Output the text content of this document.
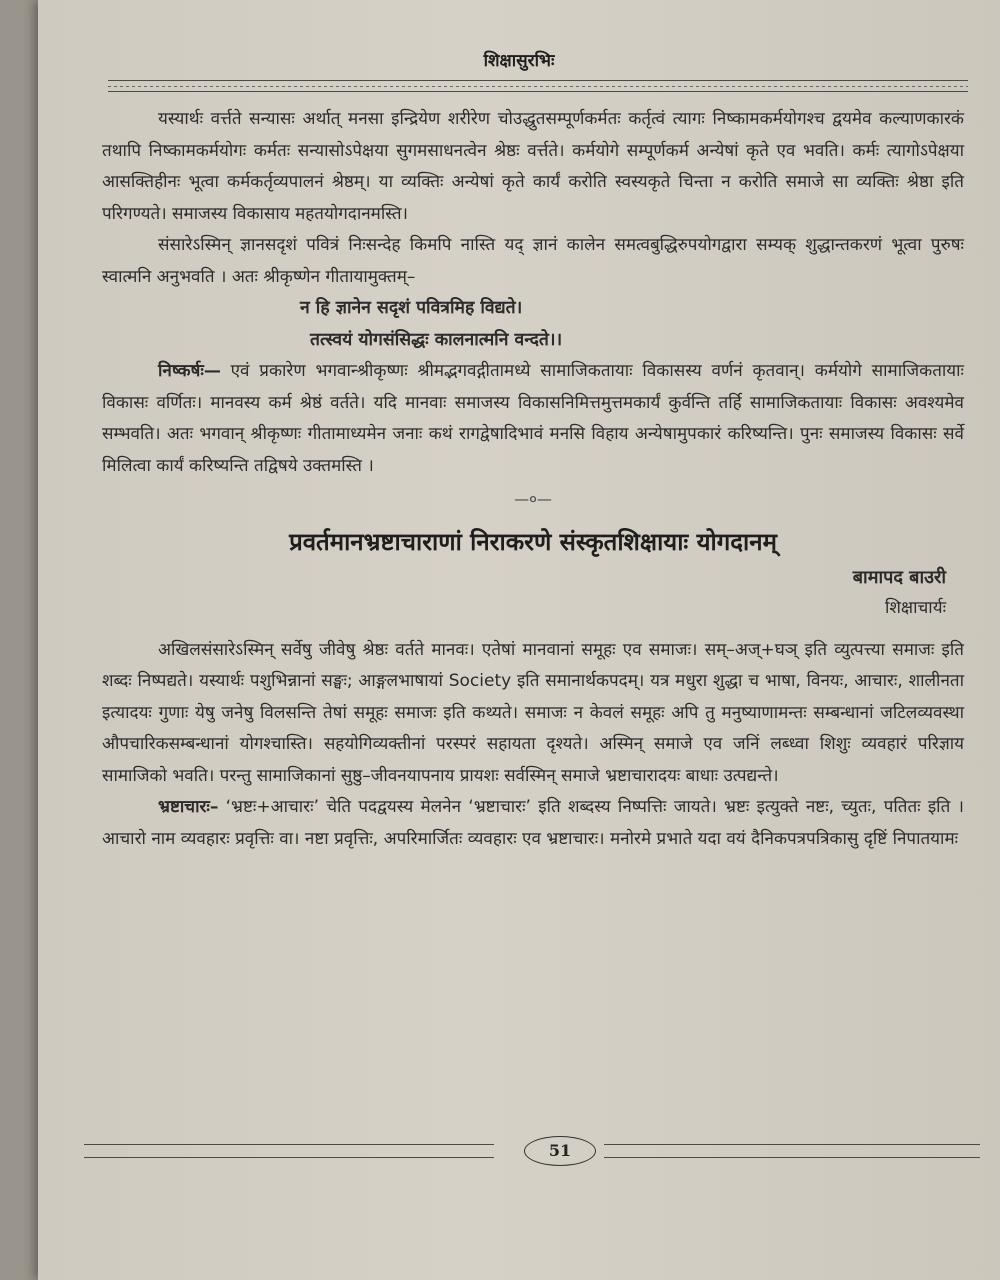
शिक्षासुरभिः

यस्यार्थः वर्त्तते सन्यासः अर्थात् मनसा इन्द्रियेण शरीरेण चोउद्धुतसम्पूर्णकर्मतः कर्तृत्वं त्यागः निष्कामकर्मयोगश्च द्वयमेव कल्याणकारकं तथापि निष्कामकर्मयोगः कर्मतः सन्यासोऽपेक्षया सुगमसाधनत्वेन श्रेष्ठः वर्त्तते। कर्मयोगे सम्पूर्णकर्म अन्येषां कृते एव भवति। कर्मः त्यागोऽपेक्षया आसक्तिहीनः भूत्वा कर्मकर्तृव्यपालनं श्रेष्ठम्। या व्यक्तिः अन्येषां कृते कार्यं करोति स्वस्यकृते चिन्ता न करोति समाजे सा व्यक्तिः श्रेष्ठा इति परिगण्यते। समाजस्य विकासाय महतयोगदानमस्ति।

संसारेऽस्मिन् ज्ञानसदृशं पवित्रं निःसन्देह किमपि नास्ति यद् ज्ञानं कालेन समत्वबुद्धिरुपयोगद्वारा सम्यक् शुद्धान्तकरणं भूत्वा पुरुषः स्वात्मनि अनुभवति । अतः श्रीकृष्णेन गीतायामुक्तम्–

न हि ज्ञानेन सदृशं पवित्रमिह विद्यते।

तत्स्वयं योगसंसिद्धः कालनात्मनि वन्दते।।

निष्कर्षः— एवं प्रकारेण भगवान्श्रीकृष्णः श्रीमद्भगवद्गीतामध्ये सामाजिकतायाः विकासस्य वर्णनं कृतवान्। कर्मयोगे सामाजिकतायाः विकासः वर्णितः। मानवस्य कर्म श्रेष्ठं वर्तते। यदि मानवाः समाजस्य विकासनिमित्तमुत्तमकार्यं कुर्वन्ति तर्हि सामाजिकतायाः विकासः अवश्यमेव सम्भवति। अतः भगवान् श्रीकृष्णः गीतामाध्यमेन जनाः कथं रागद्वेषादिभावं मनसि विहाय अन्येषामुपकारं करिष्यन्ति। पुनः समाजस्य विकासः सर्वे मिलित्वा कार्यं करिष्यन्ति तद्विषये उक्तमस्ति ।

—०—
प्रवर्तमानभ्रष्टाचाराणां निराकरणे संस्कृतशिक्षायाः योगदानम्
बामापद बाउरी
शिक्षाचार्यः

अखिलसंसारेऽस्मिन् सर्वेषु जीवेषु श्रेष्ठः वर्तते मानवः। एतेषां मानवानां समूहः एव समाजः। सम्–अज्+घञ् इति व्युत्पत्त्या समाजः इति शब्दः निष्पद्यते। यस्यार्थः पशुभिन्नानां सङ्घः; आङ्गलभाषायां Society इति समानार्थकपदम्। यत्र मधुरा शुद्धा च भाषा, विनयः, आचारः, शालीनता इत्यादयः गुणाः येषु जनेषु विलसन्ति तेषां समूहः समाजः इति कथ्यते। समाजः न केवलं समूहः अपि तु मनुष्याणामन्तः सम्बन्धानां जटिलव्यवस्था औपचारिकसम्बन्धानां योगश्चास्ति। सहयोगिव्यक्तीनां परस्परं सहायता दृश्यते। अस्मिन् समाजे एव जनिं लब्ध्वा शिशुः व्यवहारं परिज्ञाय सामाजिको भवति। परन्तु सामाजिकानां सुष्ठु–जीवनयापनाय प्रायशः सर्वस्मिन् समाजे भ्रष्टाचारादयः बाधाः उत्पद्यन्ते।

भ्रष्टाचारः– ‘भ्रष्टः+आचारः’ चेति पदद्वयस्य मेलनेन ‘भ्रष्टाचारः’ इति शब्दस्य निष्पत्तिः जायते। भ्रष्टः इत्युक्ते नष्टः, च्युतः, पतितः इति । आचारो नाम व्यवहारः प्रवृत्तिः वा। नष्टा प्रवृत्तिः, अपरिमार्जितः व्यवहारः एव भ्रष्टाचारः। मनोरमे प्रभाते यदा वयं दैनिकपत्रपत्रिकासु दृष्टिं निपातयामः

51
